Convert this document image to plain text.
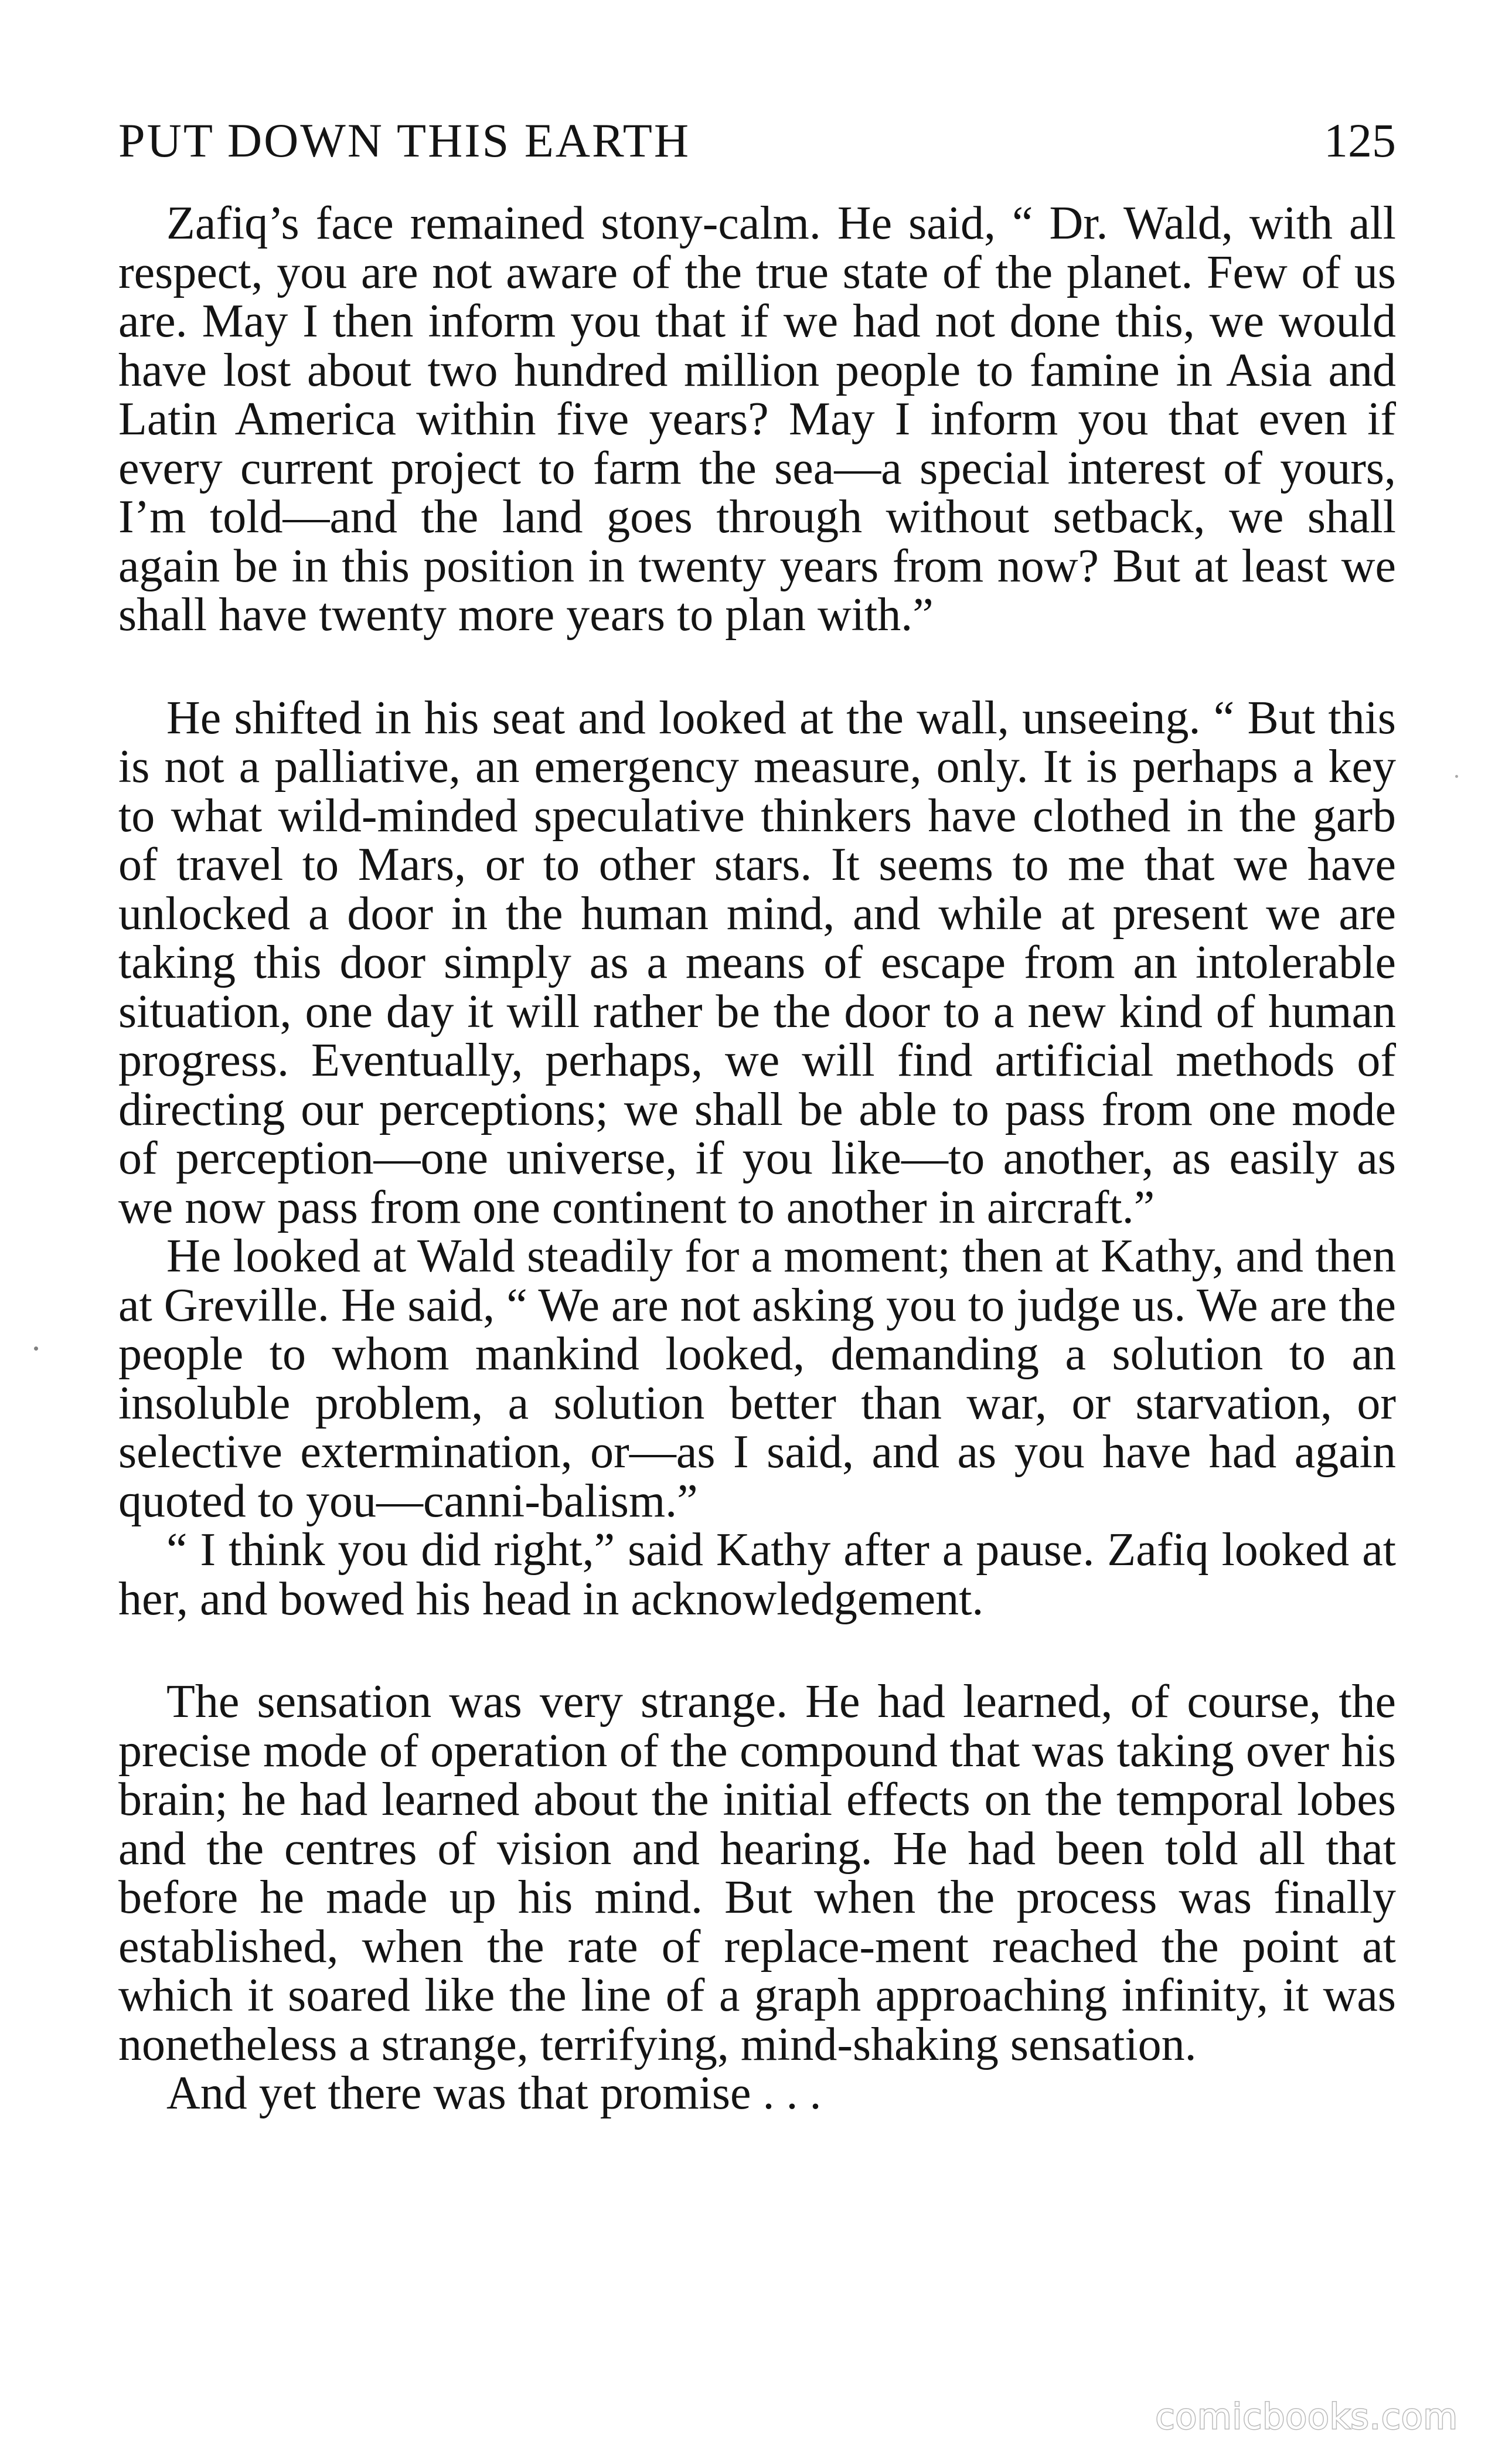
PUT DOWN THIS EARTH	125

Zafiq’s face remained stony-calm. He said, “ Dr. Wald, with all respect, you are not aware of the true state of the planet. Few of us are. May I then inform you that if we had not done this, we would have lost about two hundred million people to famine in Asia and Latin America within five years? May I inform you that even if every current project to farm the sea—a special interest of yours, I’m told—and the land goes through without setback, we shall again be in this position in twenty years from now? But at least we shall have twenty more years to plan with.”

He shifted in his seat and looked at the wall, unseeing. “ But this is not a palliative, an emergency measure, only. It is perhaps a key to what wild-minded speculative thinkers have clothed in the garb of travel to Mars, or to other stars. It seems to me that we have unlocked a door in the human mind, and while at present we are taking this door simply as a means of escape from an intolerable situation, one day it will rather be the door to a new kind of human progress. Eventually, perhaps, we will find artificial methods of directing our perceptions; we shall be able to pass from one mode of perception—one universe, if you like—to another, as easily as we now pass from one continent to another in aircraft.”

He looked at Wald steadily for a moment; then at Kathy, and then at Greville. He said, “ We are not asking you to judge us. We are the people to whom mankind looked, demanding a solution to an insoluble problem, a solution better than war, or starvation, or selective extermination, or—as I said, and as you have had again quoted to you—canni-balism.”

“ I think you did right,” said Kathy after a pause. Zafiq looked at her, and bowed his head in acknowledgement.

The sensation was very strange. He had learned, of course, the precise mode of operation of the compound that was taking over his brain; he had learned about the initial effects on the temporal lobes and the centres of vision and hearing. He had been told all that before he made up his mind. But when the process was finally established, when the rate of replace-ment reached the point at which it soared like the line of a graph approaching infinity, it was nonetheless a strange, terrifying, mind-shaking sensation.

And yet there was that promise . . .

comicbooks.com
